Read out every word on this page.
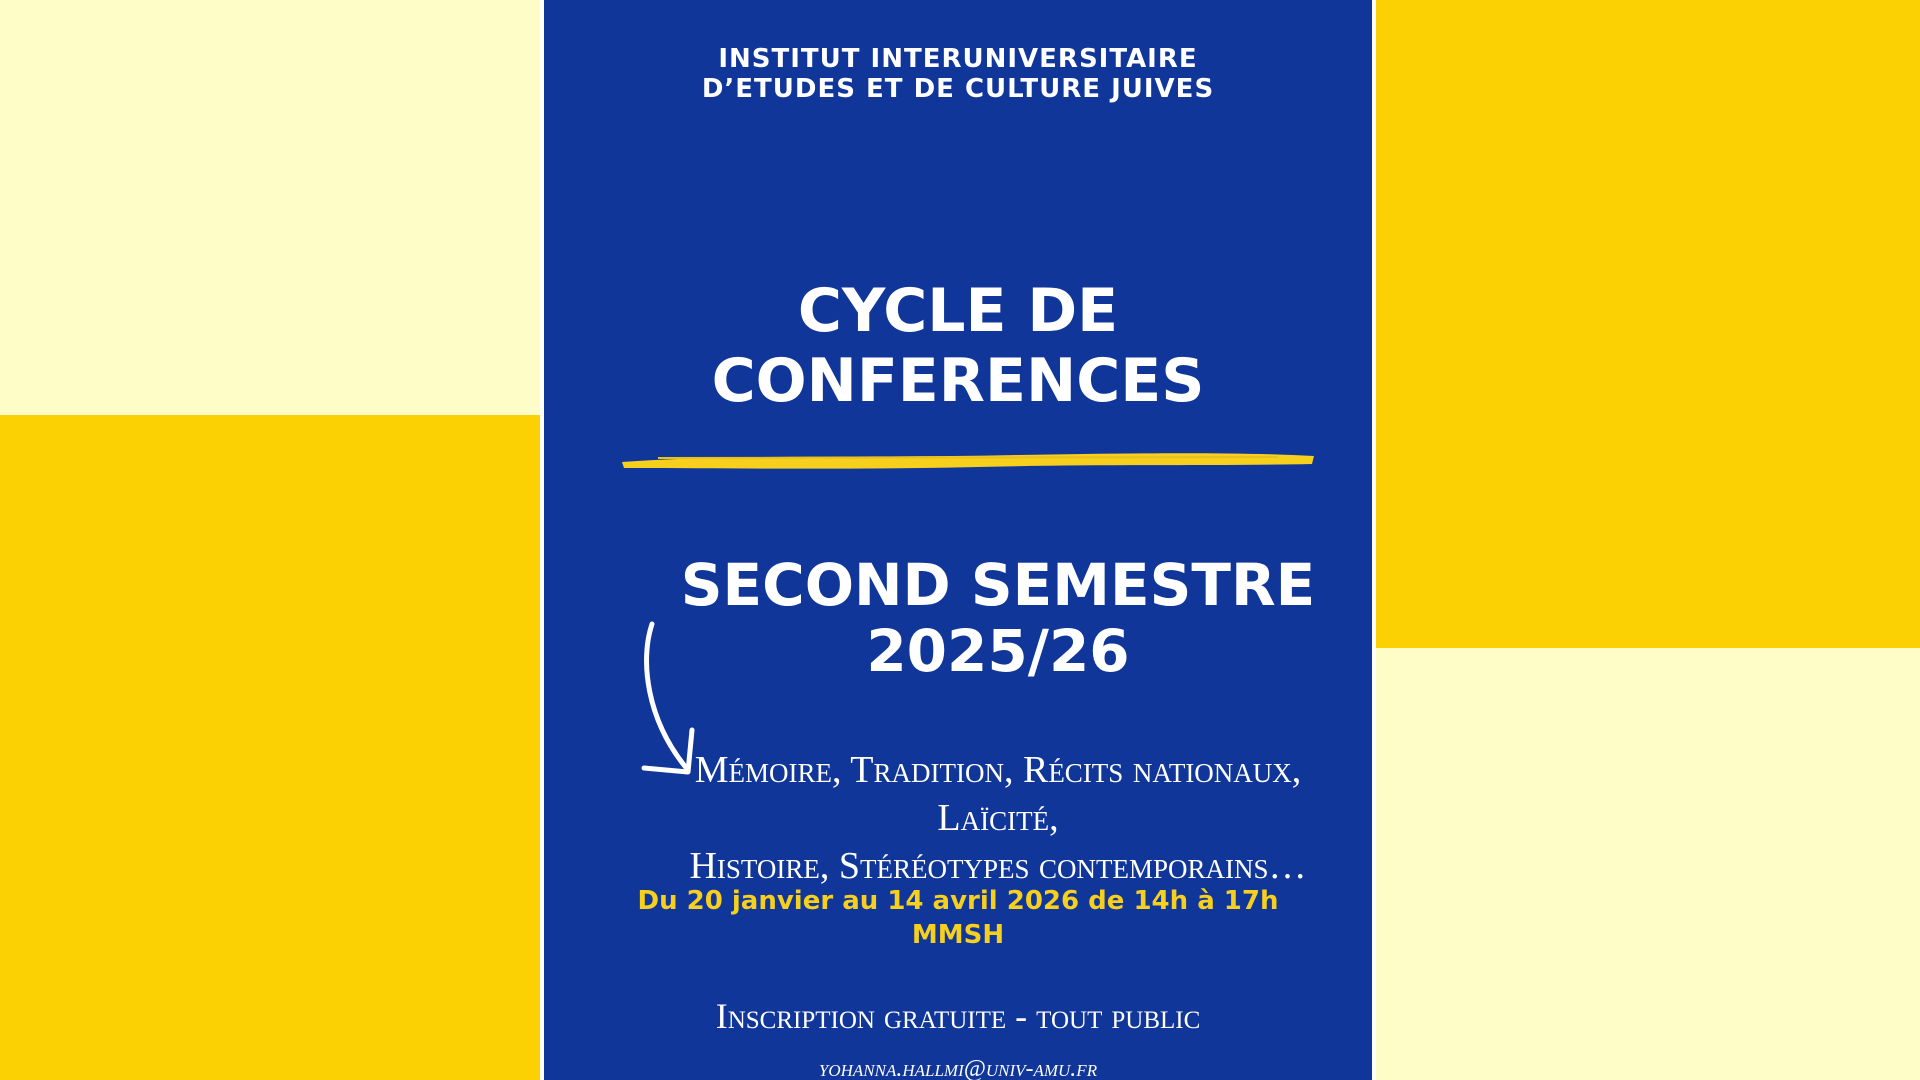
INSTITUT INTERUNIVERSITAIRE
D’ETUDES ET DE CULTURE JUIVES
CYCLE DE
CONFERENCES
SECOND SEMESTRE
2025/26
Mémoire, Tradition, Récits nationaux, Laïcité,
Histoire, Stéréotypes contemporains…
Du 20 janvier au 14 avril 2026 de 14h à 17h
MMSH
Inscription gratuite - tout public
yohanna.hallmi@univ-amu.fr
